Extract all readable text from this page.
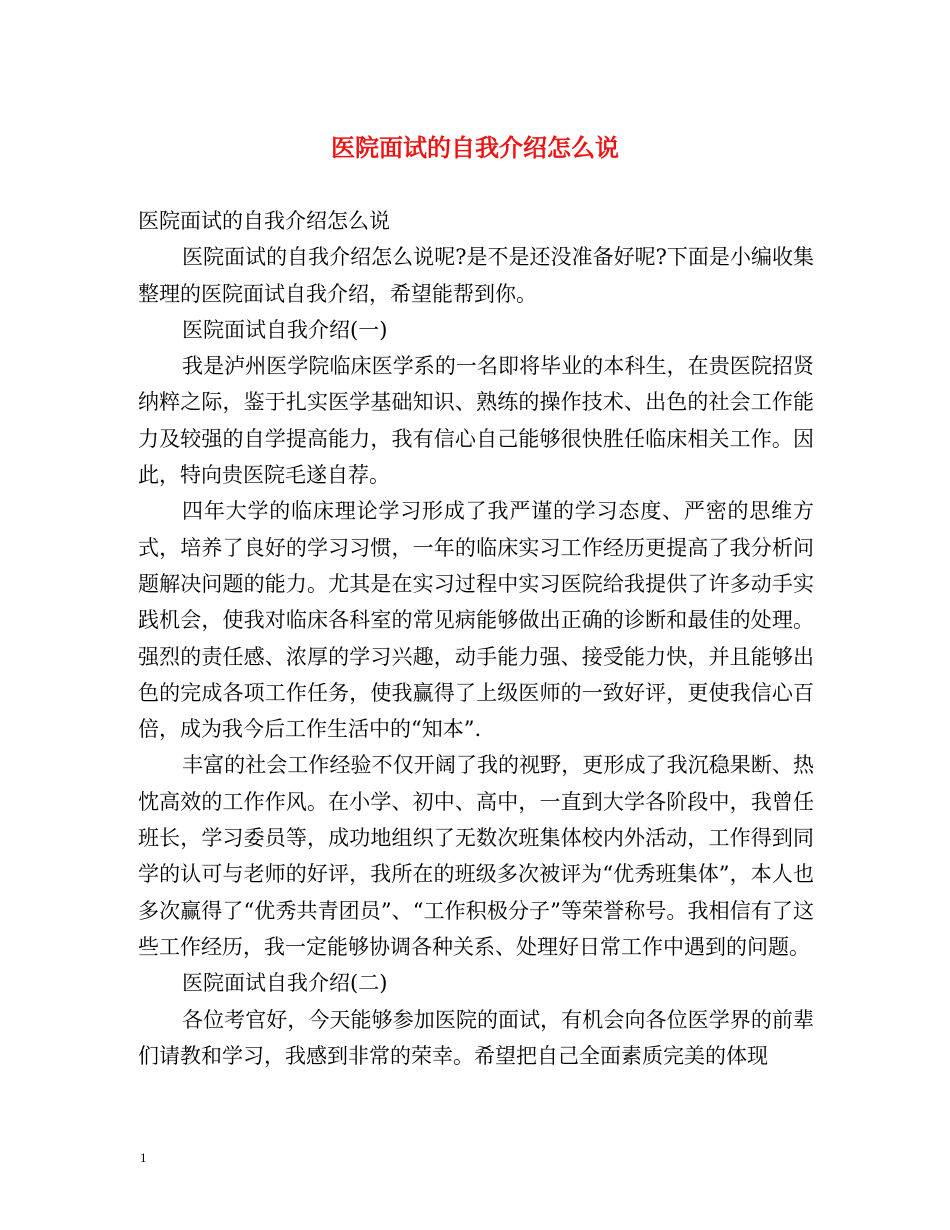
医院面试的自我介绍怎么说

医院面试的自我介绍怎么说

医院面试的自我介绍怎么说呢?是不是还没准备好呢?下面是小编收集整理的医院面试自我介绍，希望能帮到你。

医院面试自我介绍(一)

我是泸州医学院临床医学系的一名即将毕业的本科生，在贵医院招贤纳粹之际，鉴于扎实医学基础知识、熟练的操作技术、出色的社会工作能力及较强的自学提高能力，我有信心自己能够很快胜任临床相关工作。因此，特向贵医院毛遂自荐。

四年大学的临床理论学习形成了我严谨的学习态度、严密的思维方式，培养了良好的学习习惯，一年的临床实习工作经历更提高了我分析问题解决问题的能力。尤其是在实习过程中实习医院给我提供了许多动手实践机会，使我对临床各科室的常见病能够做出正确的诊断和最佳的处理。强烈的责任感、浓厚的学习兴趣，动手能力强、接受能力快，并且能够出色的完成各项工作任务，使我赢得了上级医师的一致好评，更使我信心百倍，成为我今后工作生活中的“知本”.

丰富的社会工作经验不仅开阔了我的视野，更形成了我沉稳果断、热忱高效的工作作风。在小学、初中、高中，一直到大学各阶段中，我曾任班长，学习委员等，成功地组织了无数次班集体校内外活动，工作得到同学的认可与老师的好评，我所在的班级多次被评为“优秀班集体”，本人也多次赢得了“优秀共青团员”、“工作积极分子”等荣誉称号。我相信有了这些工作经历，我一定能够协调各种关系、处理好日常工作中遇到的问题。

医院面试自我介绍(二)

各位考官好，今天能够参加医院的面试，有机会向各位医学界的前辈们请教和学习，我感到非常的荣幸。希望把自己全面素质完美的体现

1
